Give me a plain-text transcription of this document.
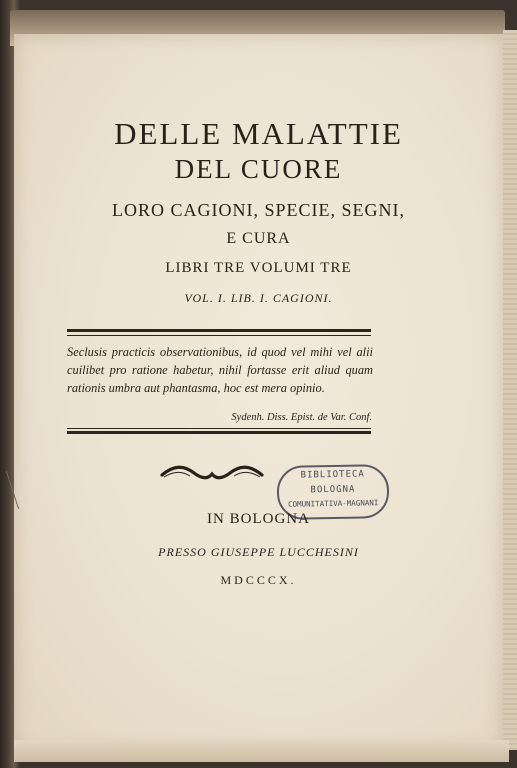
DELLE MALATTIE
DEL CUORE
LORO CAGIONI, SPECIE, SEGNI,
E CURA
LIBRI TRE VOLUMI TRE
VOL. I. LIB. I. CAGIONI.
Seclusis practicis observationibus, id quod vel mihi vel alii cuilibet pro ratione habetur, nihil fortasse erit aliud quam rationis umbra aut phantasma, hoc est mera opinio.
Sydenh. Diss. Epist. de Var. Conf.
BIBLIOTECA
BOLOGNA
COMUNITATIVA-MAGNANI
IN BOLOGNA
PRESSO GIUSEPPE LUCCHESINI
MDCCCX.
